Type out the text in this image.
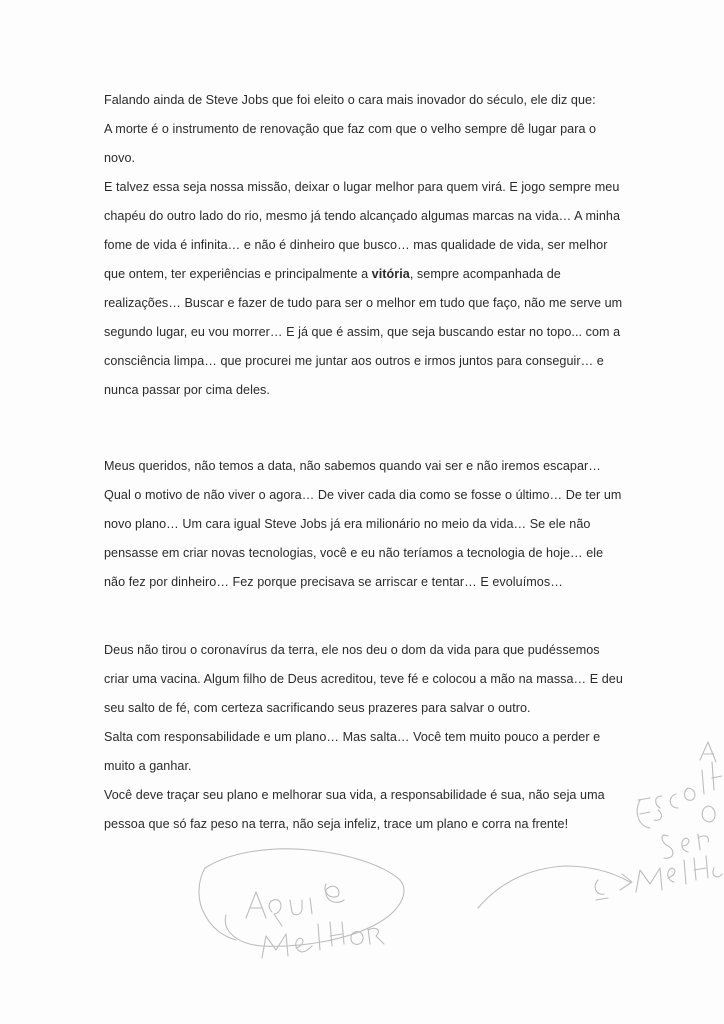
Falando ainda de Steve Jobs que foi eleito o cara mais inovador do século, ele diz que:

A morte é o instrumento de renovação que faz com que o velho sempre dê lugar para o

novo.

E talvez essa seja nossa missão, deixar o lugar melhor para quem virá. E jogo sempre meu

chapéu do outro lado do rio, mesmo já tendo alcançado algumas marcas na vida… A minha

fome de vida é infinita… e não é dinheiro que busco… mas qualidade de vida, ser melhor

que ontem, ter experiências e principalmente a vitória, sempre acompanhada de

realizações… Buscar e fazer de tudo para ser o melhor em tudo que faço, não me serve um

segundo lugar, eu vou morrer… E já que é assim, que seja buscando estar no topo... com a

consciência limpa… que procurei me juntar aos outros e irmos juntos para conseguir… e

nunca passar por cima deles.

Meus queridos, não temos a data, não sabemos quando vai ser e não iremos escapar…

Qual o motivo de não viver o agora… De viver cada dia como se fosse o último… De ter um

novo plano… Um cara igual Steve Jobs já era milionário no meio da vida… Se ele não

pensasse em criar novas tecnologias, você e eu não teríamos a tecnologia de hoje… ele

não fez por dinheiro… Fez porque precisava se arriscar e tentar… E evoluímos…

Deus não tirou o coronavírus da terra, ele nos deu o dom da vida para que pudéssemos

criar uma vacina. Algum filho de Deus acreditou, teve fé e colocou a mão na massa… E deu

seu salto de fé, com certeza sacrificando seus prazeres para salvar o outro.

Salta com responsabilidade e um plano… Mas salta… Você tem muito pouco a perder e

muito a ganhar.

Você deve traçar seu plano e melhorar sua vida, a responsabilidade é sua, não seja uma

pessoa que só faz peso na terra, não seja infeliz, trace um plano e corra na frente!
